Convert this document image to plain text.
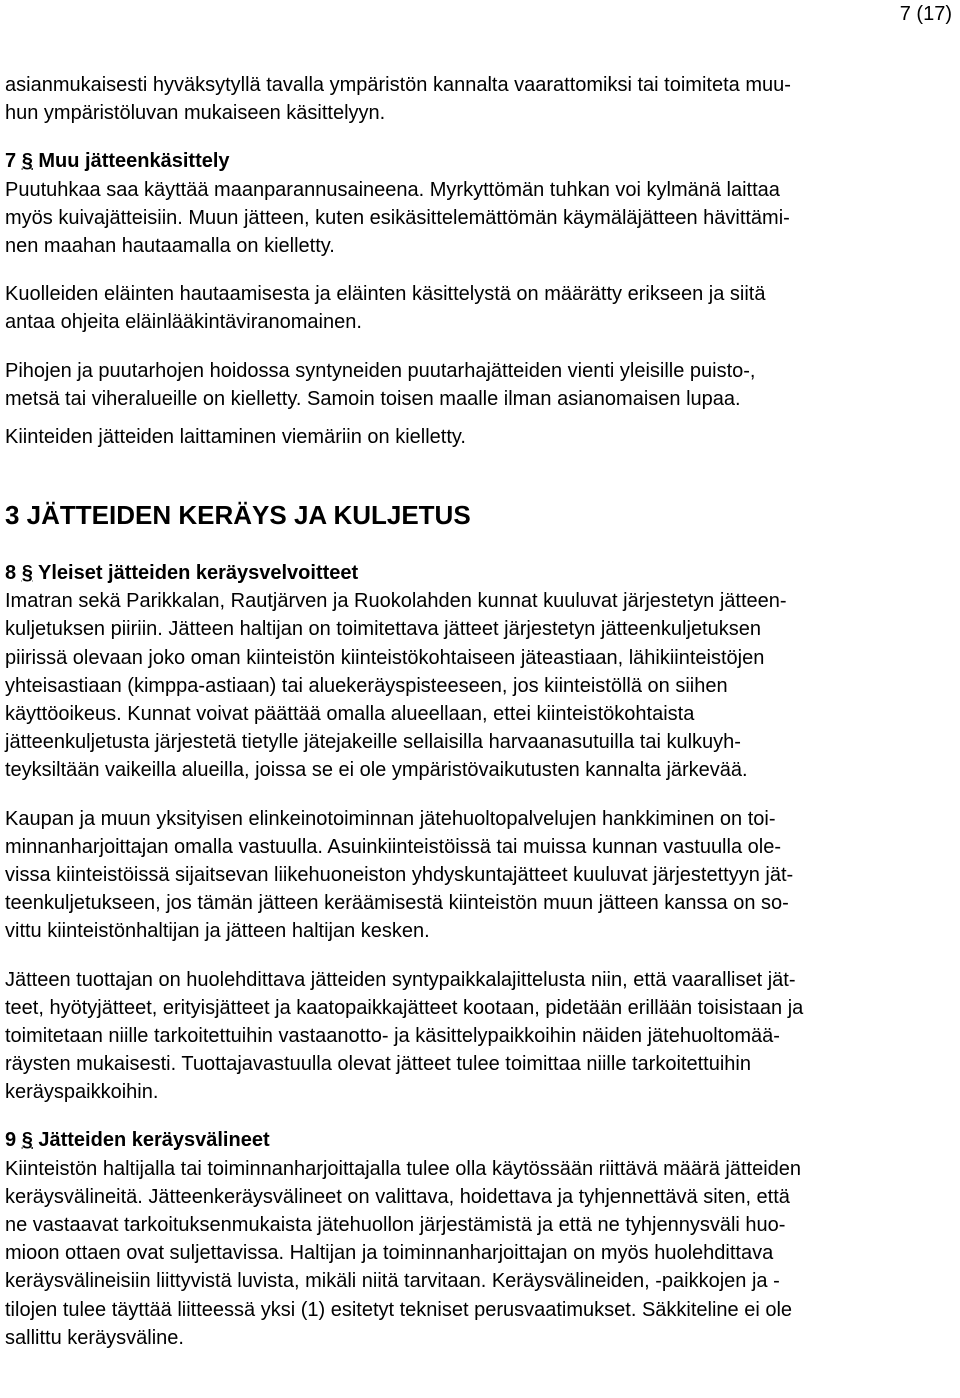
7 (17)
asianmukaisesti hyväksytyllä tavalla ympäristön kannalta vaarattomiksi tai toimiteta muu-
hun ympäristöluvan mukaiseen käsittelyyn.
7 § Muu jätteenkäsittely
Puutuhkaa saa käyttää maanparannusaineena. Myrkyttömän tuhkan voi kylmänä laittaa
myös kuivajätteisiin. Muun jätteen, kuten esikäsittelemättömän käymäläjätteen hävittämi-
nen maahan hautaamalla on kielletty.
Kuolleiden eläinten hautaamisesta ja eläinten käsittelystä on määrätty erikseen ja siitä
antaa ohjeita eläinlääkintäviranomainen.
Pihojen ja puutarhojen hoidossa syntyneiden puutarhajätteiden vienti yleisille puisto-,
metsä tai viheralueille on kielletty. Samoin toisen maalle ilman asianomaisen lupaa.
Kiinteiden jätteiden laittaminen viemäriin on kielletty.
3 JÄTTEIDEN KERÄYS JA KULJETUS
8 § Yleiset jätteiden keräysvelvoitteet
Imatran sekä Parikkalan, Rautjärven ja Ruokolahden kunnat kuuluvat järjestetyn jätteen-
kuljetuksen piiriin. Jätteen haltijan on toimitettava jätteet järjestetyn jätteenkuljetuksen
piirissä olevaan joko oman kiinteistön kiinteistökohtaiseen jäteastiaan, lähikiinteistöjen
yhteisastiaan (kimppa-astiaan) tai aluekeräyspisteeseen, jos kiinteistöllä on siihen
käyttöoikeus. Kunnat voivat päättää omalla alueellaan, ettei kiinteistökohtaista
jätteenkuljetusta järjestetä tietylle jätejakeille sellaisilla harvaanasutuilla tai kulkuyh-
teyksiltään vaikeilla alueilla, joissa se ei ole ympäristövaikutusten kannalta järkevää.
Kaupan ja muun yksityisen elinkeinotoiminnan jätehuoltopalvelujen hankkiminen on toi-
minnanharjoittajan omalla vastuulla. Asuinkiinteistöissä tai muissa kunnan vastuulla ole-
vissa kiinteistöissä sijaitsevan liikehuoneiston yhdyskuntajätteet kuuluvat järjestettyyn jät-
teenkuljetukseen, jos tämän jätteen keräämisestä kiinteistön muun jätteen kanssa on so-
vittu kiinteistönhaltijan ja jätteen haltijan kesken.
Jätteen tuottajan on huolehdittava jätteiden syntypaikkalajittelusta niin, että vaaralliset jät-
teet, hyötyjätteet, erityisjätteet ja kaatopaikkajätteet kootaan, pidetään erillään toisistaan ja
toimitetaan niille tarkoitettuihin vastaanotto- ja käsittelypaikkoihin näiden jätehuoltomää-
räysten mukaisesti. Tuottajavastuulla olevat jätteet tulee toimittaa niille tarkoitettuihin
keräyspaikkoihin.
9 § Jätteiden keräysvälineet
Kiinteistön haltijalla tai toiminnanharjoittajalla tulee olla käytössään riittävä määrä jätteiden
keräysvälineitä. Jätteenkeräysvälineet on valittava, hoidettava ja tyhjennettävä siten, että
ne vastaavat tarkoituksenmukaista jätehuollon järjestämistä ja että ne tyhjennysväli huo-
mioon ottaen ovat suljettavissa. Haltijan ja toiminnanharjoittajan on myös huolehdittava
keräysvälineisiin liittyvistä luvista, mikäli niitä tarvitaan. Keräysvälineiden, -paikkojen ja -
tilojen tulee täyttää liitteessä yksi (1) esitetyt tekniset perusvaatimukset. Säkkiteline ei ole
sallittu keräysväline.
